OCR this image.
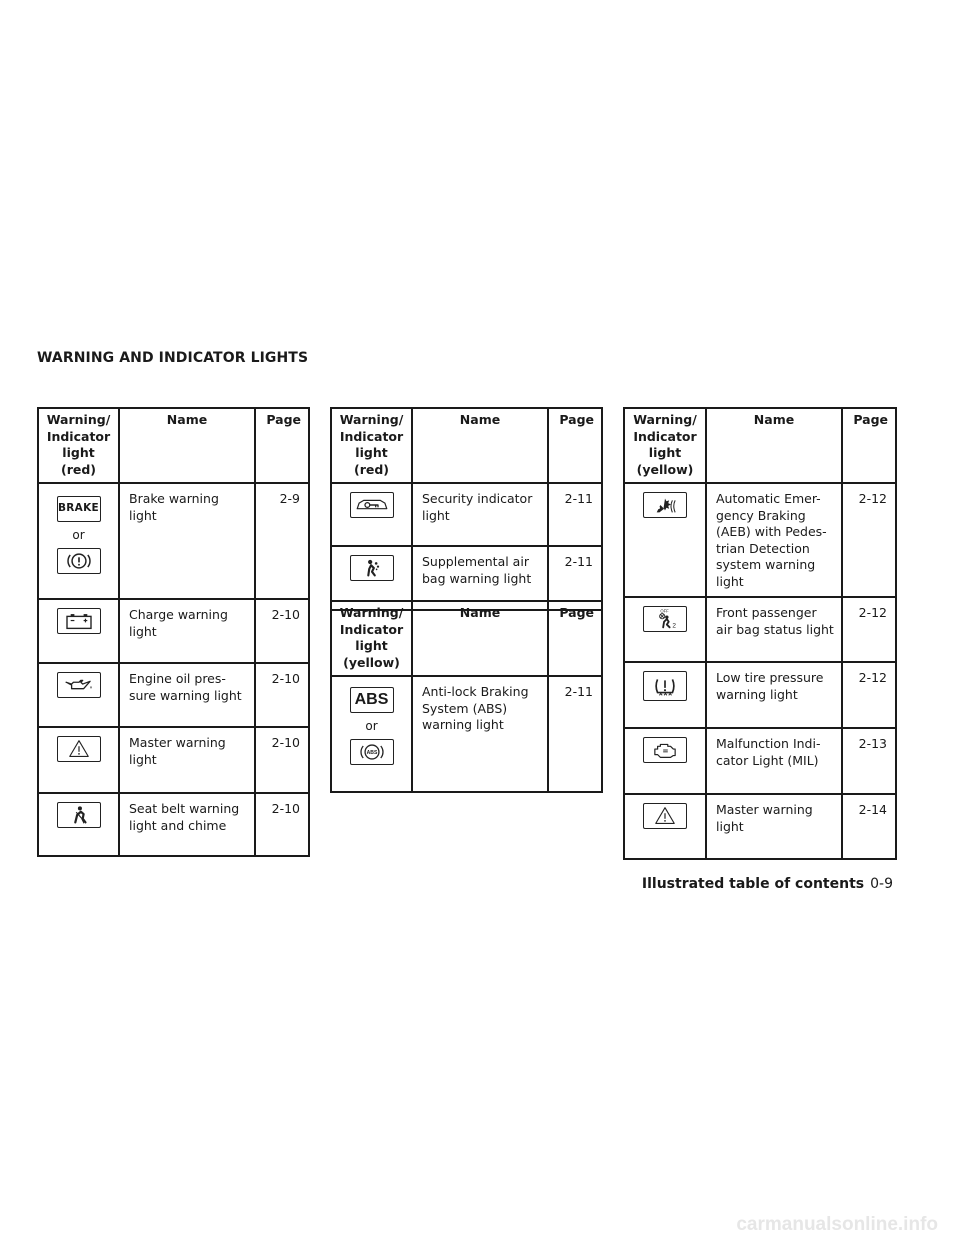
WARNING AND INDICATOR LIGHTS
Warning/ Indicator light (red)	Name	Page
BRAKE
or	Brake warning light	2-9

	Charge warning light	2-10

	Engine oil pres- sure warning light	2-10

	Master warning light	2-10

	Seat belt warning light and chime	2-10
Warning/ Indicator light (red)	Name	Page

	Security indicator light	2-11

	Supplemental air bag warning light	2-11
Warning/ Indicator light (yellow)	Name	Page
ABS
or
ABS	Anti-lock Braking System (ABS) warning light	2-11
Warning/ Indicator light (yellow)	Name	Page

	Automatic Emer- gency Braking (AEB) with Pedes- trian Detection system warning light	2-12

OFF
2	Front passenger air bag status light	2-12

	Low tire pressure warning light	2-12

	Malfunction Indi- cator Light (MIL)	2-13

	Master warning light	2-14
Illustrated table of contents 0-9
carmanualsonline.info
